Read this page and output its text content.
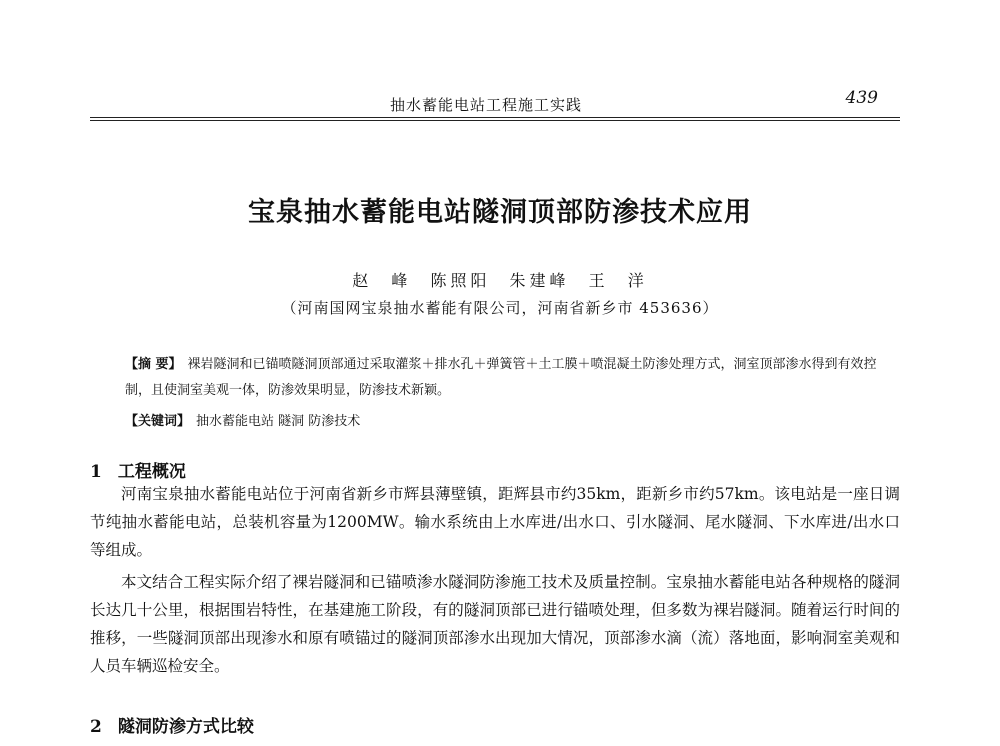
抽水蓄能电站工程施工实践	439
宝泉抽水蓄能电站隧洞顶部防渗技术应用
赵 峰 陈照阳 朱建峰 王 洋
（河南国网宝泉抽水蓄能有限公司，河南省新乡市 453636）
【摘 要】 裸岩隧洞和已锚喷隧洞顶部通过采取灌浆＋排水孔＋弹簧管＋土工膜＋喷混凝土防渗处理方式，洞室顶部渗水得到有效控制，且使洞室美观一体，防渗效果明显，防渗技术新颖。
【关键词】 抽水蓄能电站 隧洞 防渗技术
1 工程概况

河南宝泉抽水蓄能电站位于河南省新乡市辉县薄壁镇，距辉县市约35km，距新乡市约57km。该电站是一座日调节纯抽水蓄能电站，总装机容量为1200MW。输水系统由上水库进/出水口、引水隧洞、尾水隧洞、下水库进/出水口等组成。

本文结合工程实际介绍了裸岩隧洞和已锚喷渗水隧洞防渗施工技术及质量控制。宝泉抽水蓄能电站各种规格的隧洞长达几十公里，根据围岩特性，在基建施工阶段，有的隧洞顶部已进行锚喷处理，但多数为裸岩隧洞。随着运行时间的推移，一些隧洞顶部出现渗水和原有喷锚过的隧洞顶部渗水出现加大情况，顶部渗水滴（流）落地面，影响洞室美观和人员车辆巡检安全。

2 隧洞防渗方式比较
